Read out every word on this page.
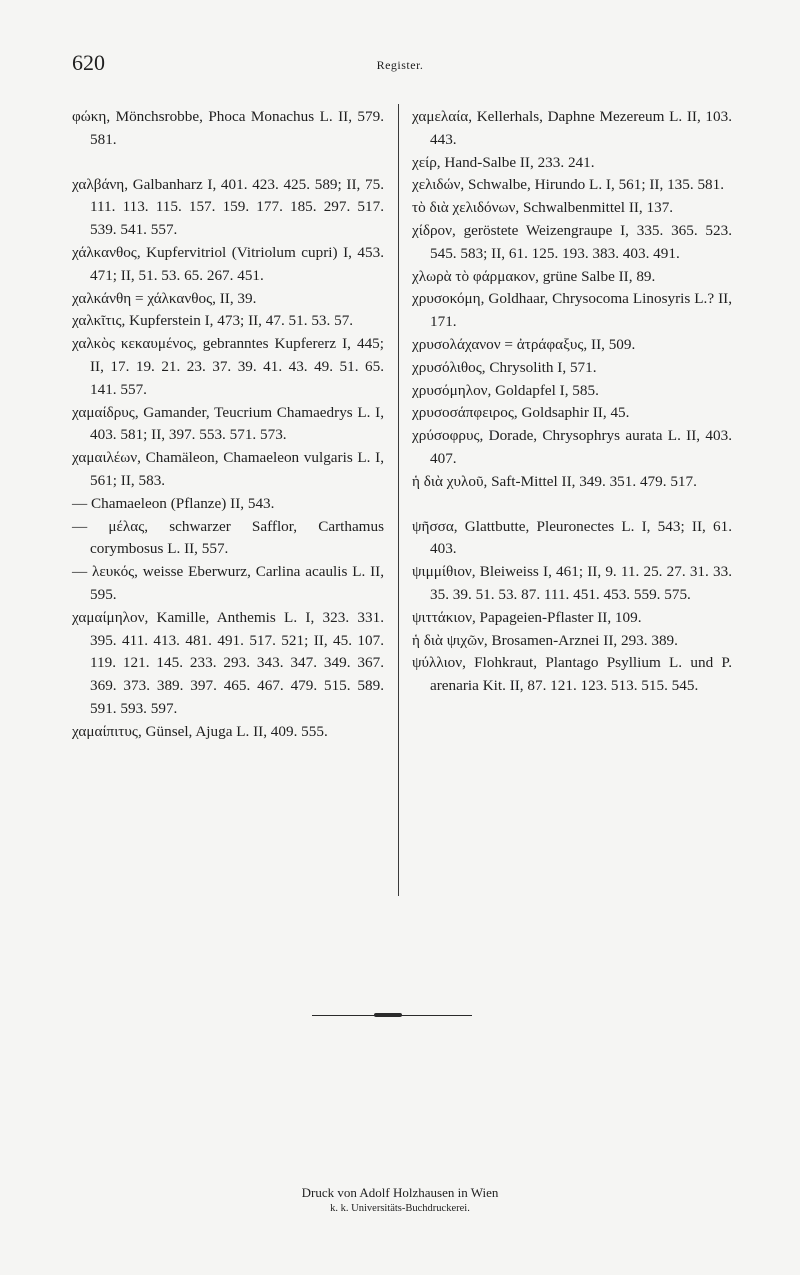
620	Register.

φώκη, Mönchsrobbe, Phoca Monachus L. II, 579. 581.

χαλβάνη, Galbanharz I, 401. 423. 425. 589; II, 75. 111. 113. 115. 157. 159. 177. 185. 297. 517. 539. 541. 557.

χάλκανθος, Kupfervitriol (Vitriolum cupri) I, 453. 471; II, 51. 53. 65. 267. 451.

χαλκάνθη = χάλκανθος, II, 39.

χαλκῖτις, Kupferstein I, 473; II, 47. 51. 53. 57.

χαλκὸς κεκαυμένος, gebranntes Kupfererz I, 445; II, 17. 19. 21. 23. 37. 39. 41. 43. 49. 51. 65. 141. 557.

χαμαίδρυς, Gamander, Teucrium Chamaedrys L. I, 403. 581; II, 397. 553. 571. 573.

χαμαιλέων, Chamäleon, Chamaeleon vulgaris L. I, 561; II, 583.

— Chamaeleon (Pflanze) II, 543.

— μέλας, schwarzer Safflor, Carthamus corymbosus L. II, 557.

— λευκός, weisse Eberwurz, Carlina acaulis L. II, 595.

χαμαίμηλον, Kamille, Anthemis L. I, 323. 331. 395. 411. 413. 481. 491. 517. 521; II, 45. 107. 119. 121. 145. 233. 293. 343. 347. 349. 367. 369. 373. 389. 397. 465. 467. 479. 515. 589. 591. 593. 597.

χαμαίπιτυς, Günsel, Ajuga L. II, 409. 555.

χαμελαία, Kellerhals, Daphne Mezereum L. II, 103. 443.

χείρ, Hand-Salbe II, 233. 241.

χελιδών, Schwalbe, Hirundo L. I, 561; II, 135. 581.

τὸ διὰ χελιδόνων, Schwalbenmittel II, 137.

χίδρον, geröstete Weizengraupe I, 335. 365. 523. 545. 583; II, 61. 125. 193. 383. 403. 491.

χλωρὰ τὸ φάρμακον, grüne Salbe II, 89.

χρυσοκόμη, Goldhaar, Chrysocoma Linosyris L.? II, 171.

χρυσολάχανον = ἀτράφαξυς, II, 509.

χρυσόλιθος, Chrysolith I, 571.

χρυσόμηλον, Goldapfel I, 585.

χρυσοσάπφειρος, Goldsaphir II, 45.

χρύσοφρυς, Dorade, Chrysophrys aurata L. II, 403. 407.

ἡ διὰ χυλοῦ, Saft-Mittel II, 349. 351. 479. 517.

ψῆσσα, Glattbutte, Pleuronectes L. I, 543; II, 61. 403.

ψιμμίθιον, Bleiweiss I, 461; II, 9. 11. 25. 27. 31. 33. 35. 39. 51. 53. 87. 111. 451. 453. 559. 575.

ψιττάκιον, Papageien-Pflaster II, 109.

ἡ διὰ ψιχῶν, Brosamen-Arznei II, 293. 389.

ψύλλιον, Flohkraut, Plantago Psyllium L. und P. arenaria Kit. II, 87. 121. 123. 513. 515. 545.

Druck von Adolf Holzhausen in Wien
k. k. Universitäts-Buchdruckerei.
